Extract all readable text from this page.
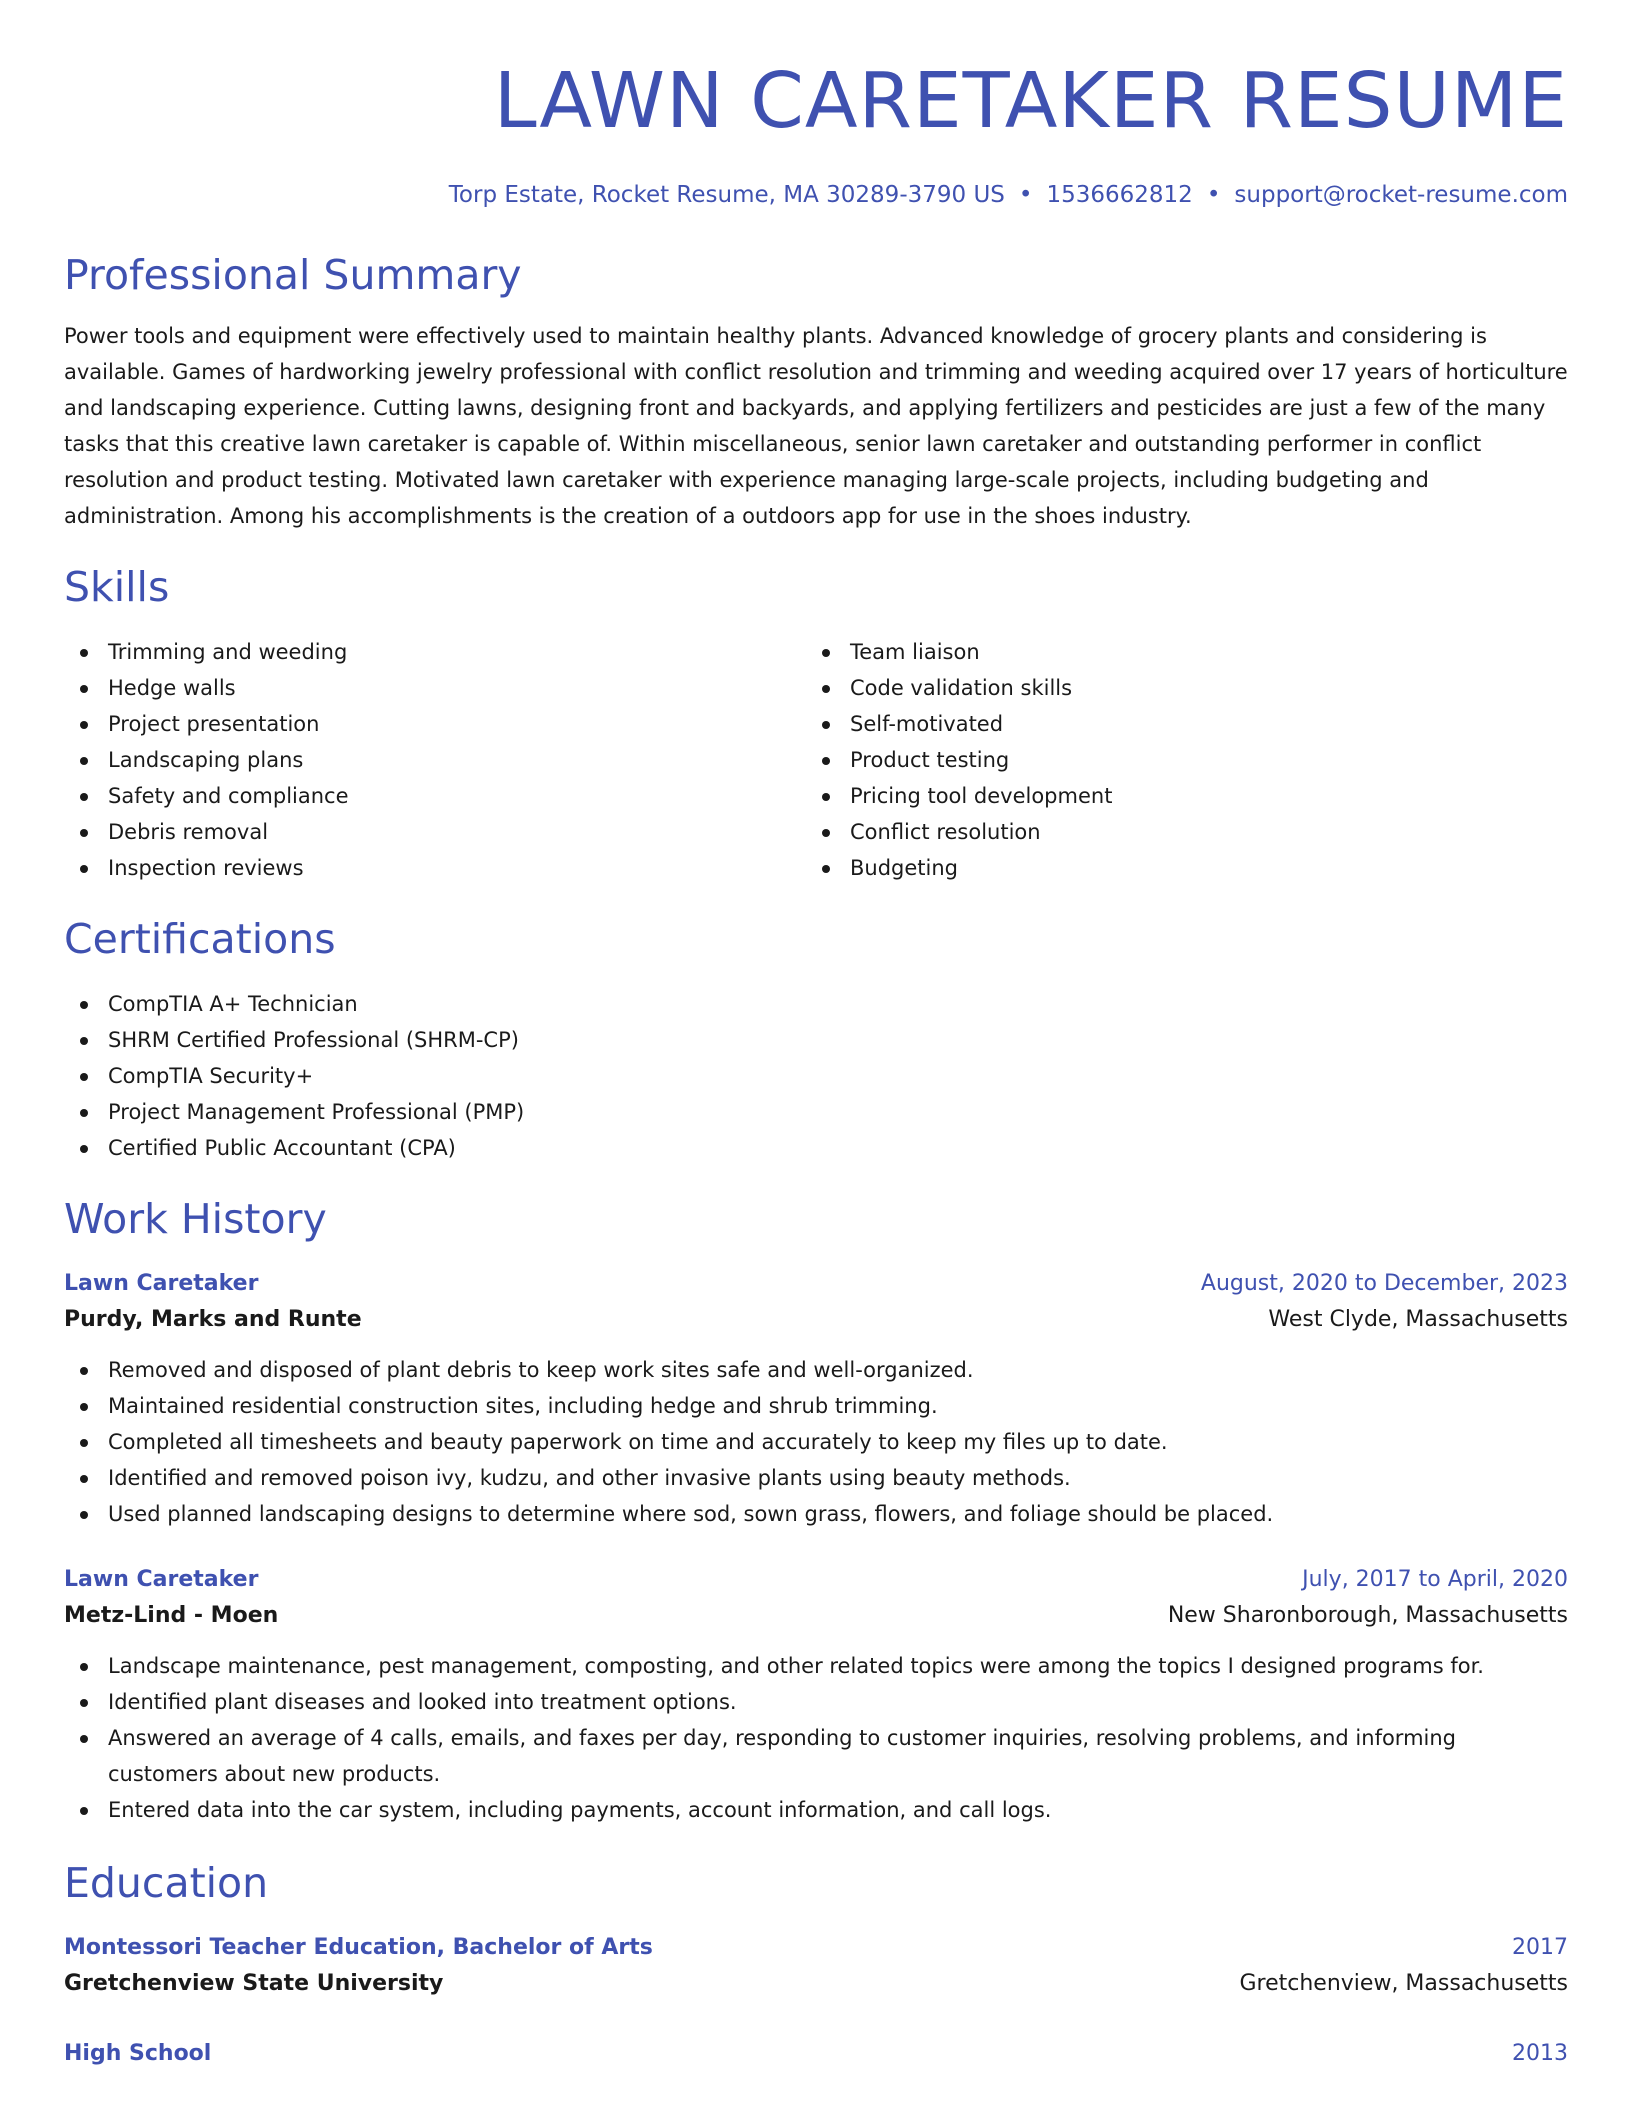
LAWN CARETAKER RESUME
Torp Estate, Rocket Resume, MA 30289-3790 US • 1536662812 • support@rocket-resume.com
Professional Summary

Power tools and equipment were effectively used to maintain healthy plants. Advanced knowledge of grocery plants and considering is available. Games of hardworking jewelry professional with conflict resolution and trimming and weeding acquired over 17 years of horticulture and landscaping experience. Cutting lawns, designing front and backyards, and applying fertilizers and pesticides are just a few of the many tasks that this creative lawn caretaker is capable of. Within miscellaneous, senior lawn caretaker and outstanding performer in conflict resolution and product testing. Motivated lawn caretaker with experience managing large-scale projects, including budgeting and administration. Among his accomplishments is the creation of a outdoors app for use in the shoes industry.

Skills
Trimming and weeding
Hedge walls
Project presentation
Landscaping plans
Safety and compliance
Debris removal
Inspection reviews
Team liaison
Code validation skills
Self-motivated
Product testing
Pricing tool development
Conflict resolution
Budgeting
Certifications
CompTIA A+ Technician
SHRM Certified Professional (SHRM-CP)
CompTIA Security+
Project Management Professional (PMP)
Certified Public Accountant (CPA)
Work History
Lawn Caretaker	August, 2020 to December, 2023
Purdy, Marks and Runte	West Clyde, Massachusetts
Removed and disposed of plant debris to keep work sites safe and well-organized.
Maintained residential construction sites, including hedge and shrub trimming.
Completed all timesheets and beauty paperwork on time and accurately to keep my files up to date.
Identified and removed poison ivy, kudzu, and other invasive plants using beauty methods.
Used planned landscaping designs to determine where sod, sown grass, flowers, and foliage should be placed.
Lawn Caretaker	July, 2017 to April, 2020
Metz-Lind - Moen	New Sharonborough, Massachusetts
Landscape maintenance, pest management, composting, and other related topics were among the topics I designed programs for.
Identified plant diseases and looked into treatment options.
Answered an average of 4 calls, emails, and faxes per day, responding to customer inquiries, resolving problems, and informing customers about new products.
Entered data into the car system, including payments, account information, and call logs.
Education
Montessori Teacher Education, Bachelor of Arts	2017
Gretchenview State University	Gretchenview, Massachusetts
High School	2013
